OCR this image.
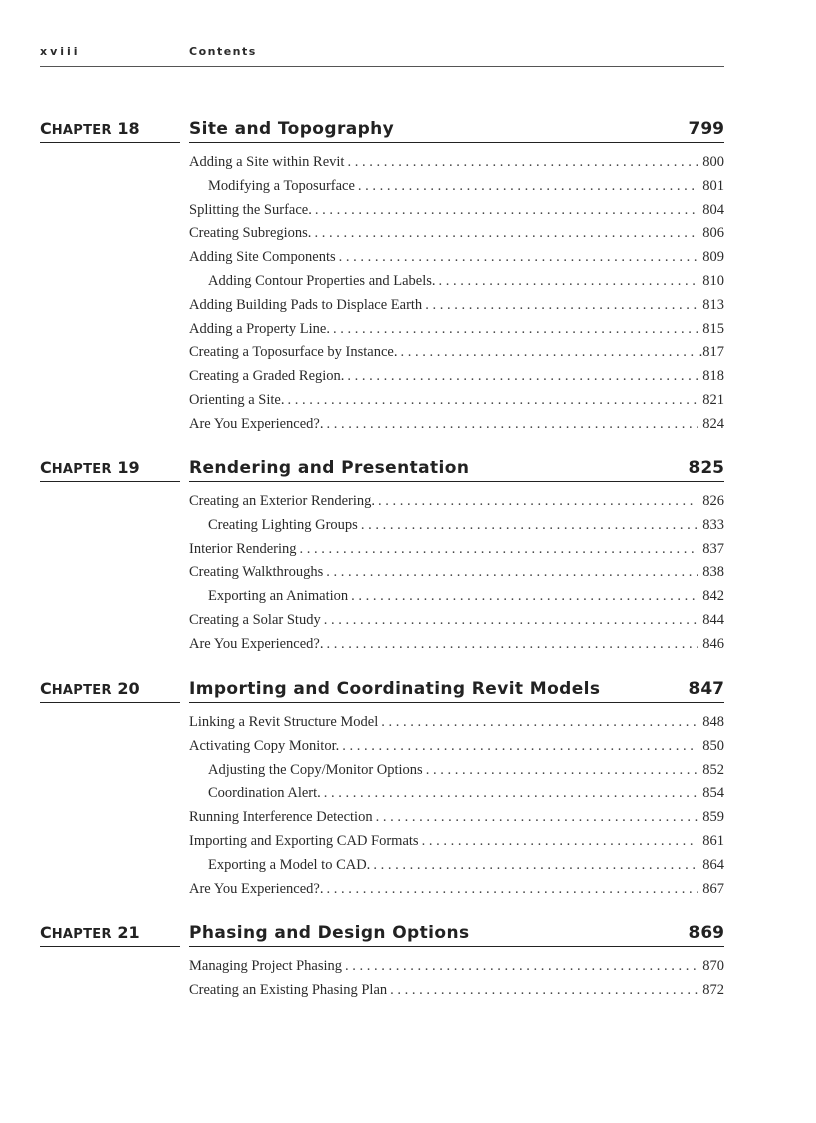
xviii	Contents
CHAPTER 18	Site and Topography	799
Adding a Site within Revit . . .	800
Modifying a Toposurface . . .	801
Splitting the Surface. . . .	804
Creating Subregions. . . .	806
Adding Site Components . . .	809
Adding Contour Properties and Labels. . . .	810
Adding Building Pads to Displace Earth . . .	813
Adding a Property Line. . . .	815
Creating a Toposurface by Instance. . . .	.817
Creating a Graded Region. . . .	818
Orienting a Site. . . .	821
Are You Experienced?. . . .	824
CHAPTER 19	Rendering and Presentation	825
Creating an Exterior Rendering. . . .	826
Creating Lighting Groups . . .	833
Interior Rendering . . .	837
Creating Walkthroughs . . .	838
Exporting an Animation . . .	842
Creating a Solar Study . . .	844
Are You Experienced?. . . .	846
CHAPTER 20	Importing and Coordinating Revit Models	847
Linking a Revit Structure Model . . .	848
Activating Copy Monitor. . . .	850
Adjusting the Copy/Monitor Options . . .	852
Coordination Alert. . . .	854
Running Interference Detection . . .	859
Importing and Exporting CAD Formats . . .	861
Exporting a Model to CAD. . . .	864
Are You Experienced?. . . .	867
CHAPTER 21	Phasing and Design Options	869
Managing Project Phasing . . .	870
Creating an Existing Phasing Plan . . .	872
